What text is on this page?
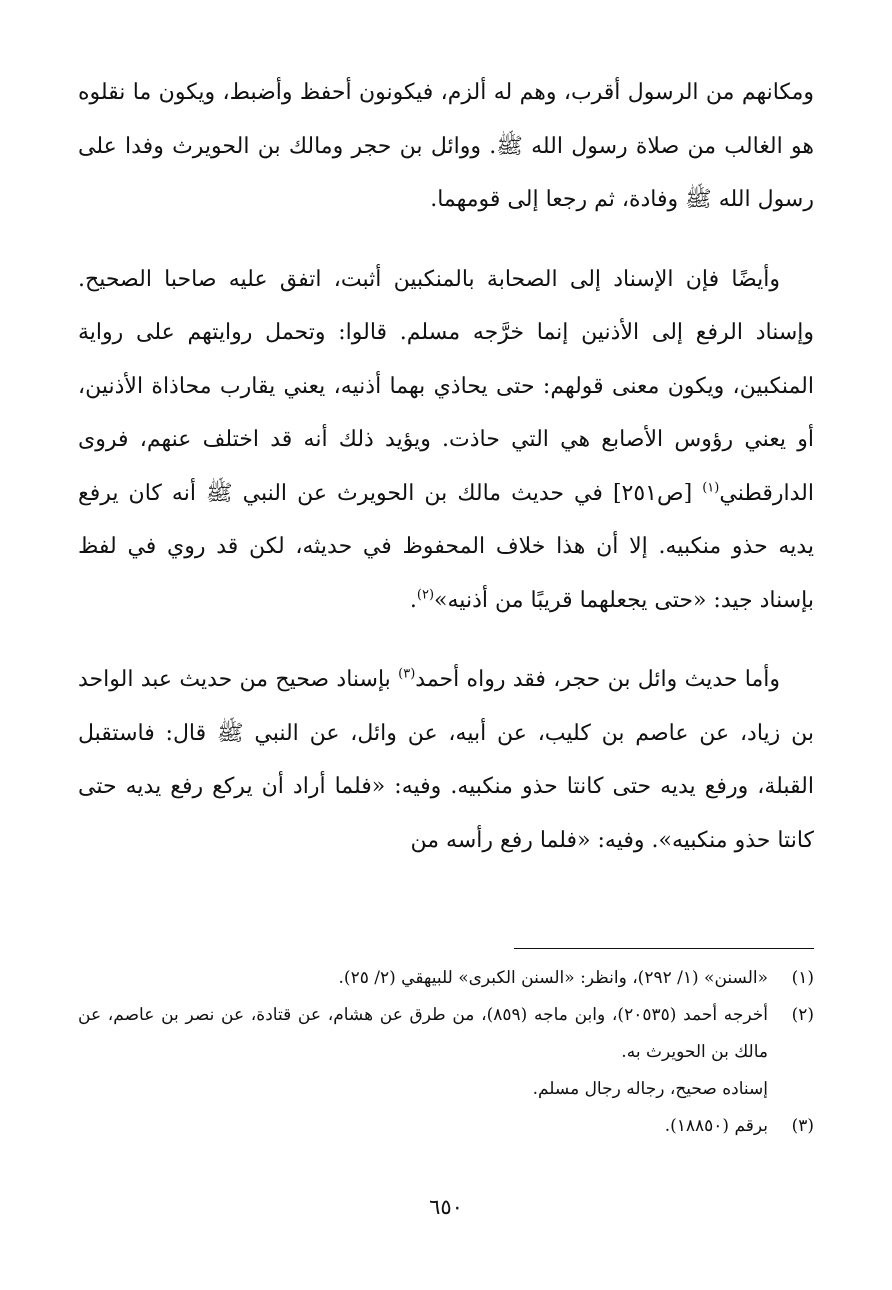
ومكانهم من الرسول أقرب، وهم له ألزم، فيكونون أحفظ وأضبط، ويكون ما نقلوه هو الغالب من صلاة رسول الله ﷺ. ووائل بن حجر ومالك بن الحويرث وفدا على رسول الله ﷺ وفادة، ثم رجعا إلى قومهما.

وأيضًا فإن الإسناد إلى الصحابة بالمنكبين أثبت، اتفق عليه صاحبا الصحيح. وإسناد الرفع إلى الأذنين إنما خرَّجه مسلم. قالوا: وتحمل روايتهم على رواية المنكبين، ويكون معنى قولهم: حتى يحاذي بهما أذنيه، يعني يقارب محاذاة الأذنين، أو يعني رؤوس الأصابع هي التي حاذت. ويؤيد ذلك أنه قد اختلف عنهم، فروى الدارقطني$^{(١)}$ [ص٢٥١] في حديث مالك بن الحويرث عن النبي ﷺ أنه كان يرفع يديه حذو منكبيه. إلا أن هذا خلاف المحفوظ في حديثه، لكن قد روي في لفظ بإسناد جيد: «حتى يجعلهما قريبًا من أذنيه»$^{(٢)}$.

وأما حديث وائل بن حجر، فقد رواه أحمد$^{(٣)}$ بإسناد صحيح من حديث عبد الواحد بن زياد، عن عاصم بن كليب، عن أبيه، عن وائل، عن النبي ﷺ قال: فاستقبل القبلة، ورفع يديه حتى كانتا حذو منكبيه. وفيه: «فلما أراد أن يركع رفع يديه حتى كانتا حذو منكبيه». وفيه: «فلما رفع رأسه من

(١)
«السنن» (١/ ٢٩٢)، وانظر: «السنن الكبرى» للبيهقي (٢/ ٢٥).

(٢)
أخرجه أحمد (٢٠٥٣٥)، وابن ماجه (٨٥٩)، من طرق عن هشام، عن قتادة، عن نصر بن عاصم، عن مالك بن الحويرث به.
إسناده صحيح، رجاله رجال مسلم.

(٣)
برقم (١٨٨٥٠).

٦٥٠
